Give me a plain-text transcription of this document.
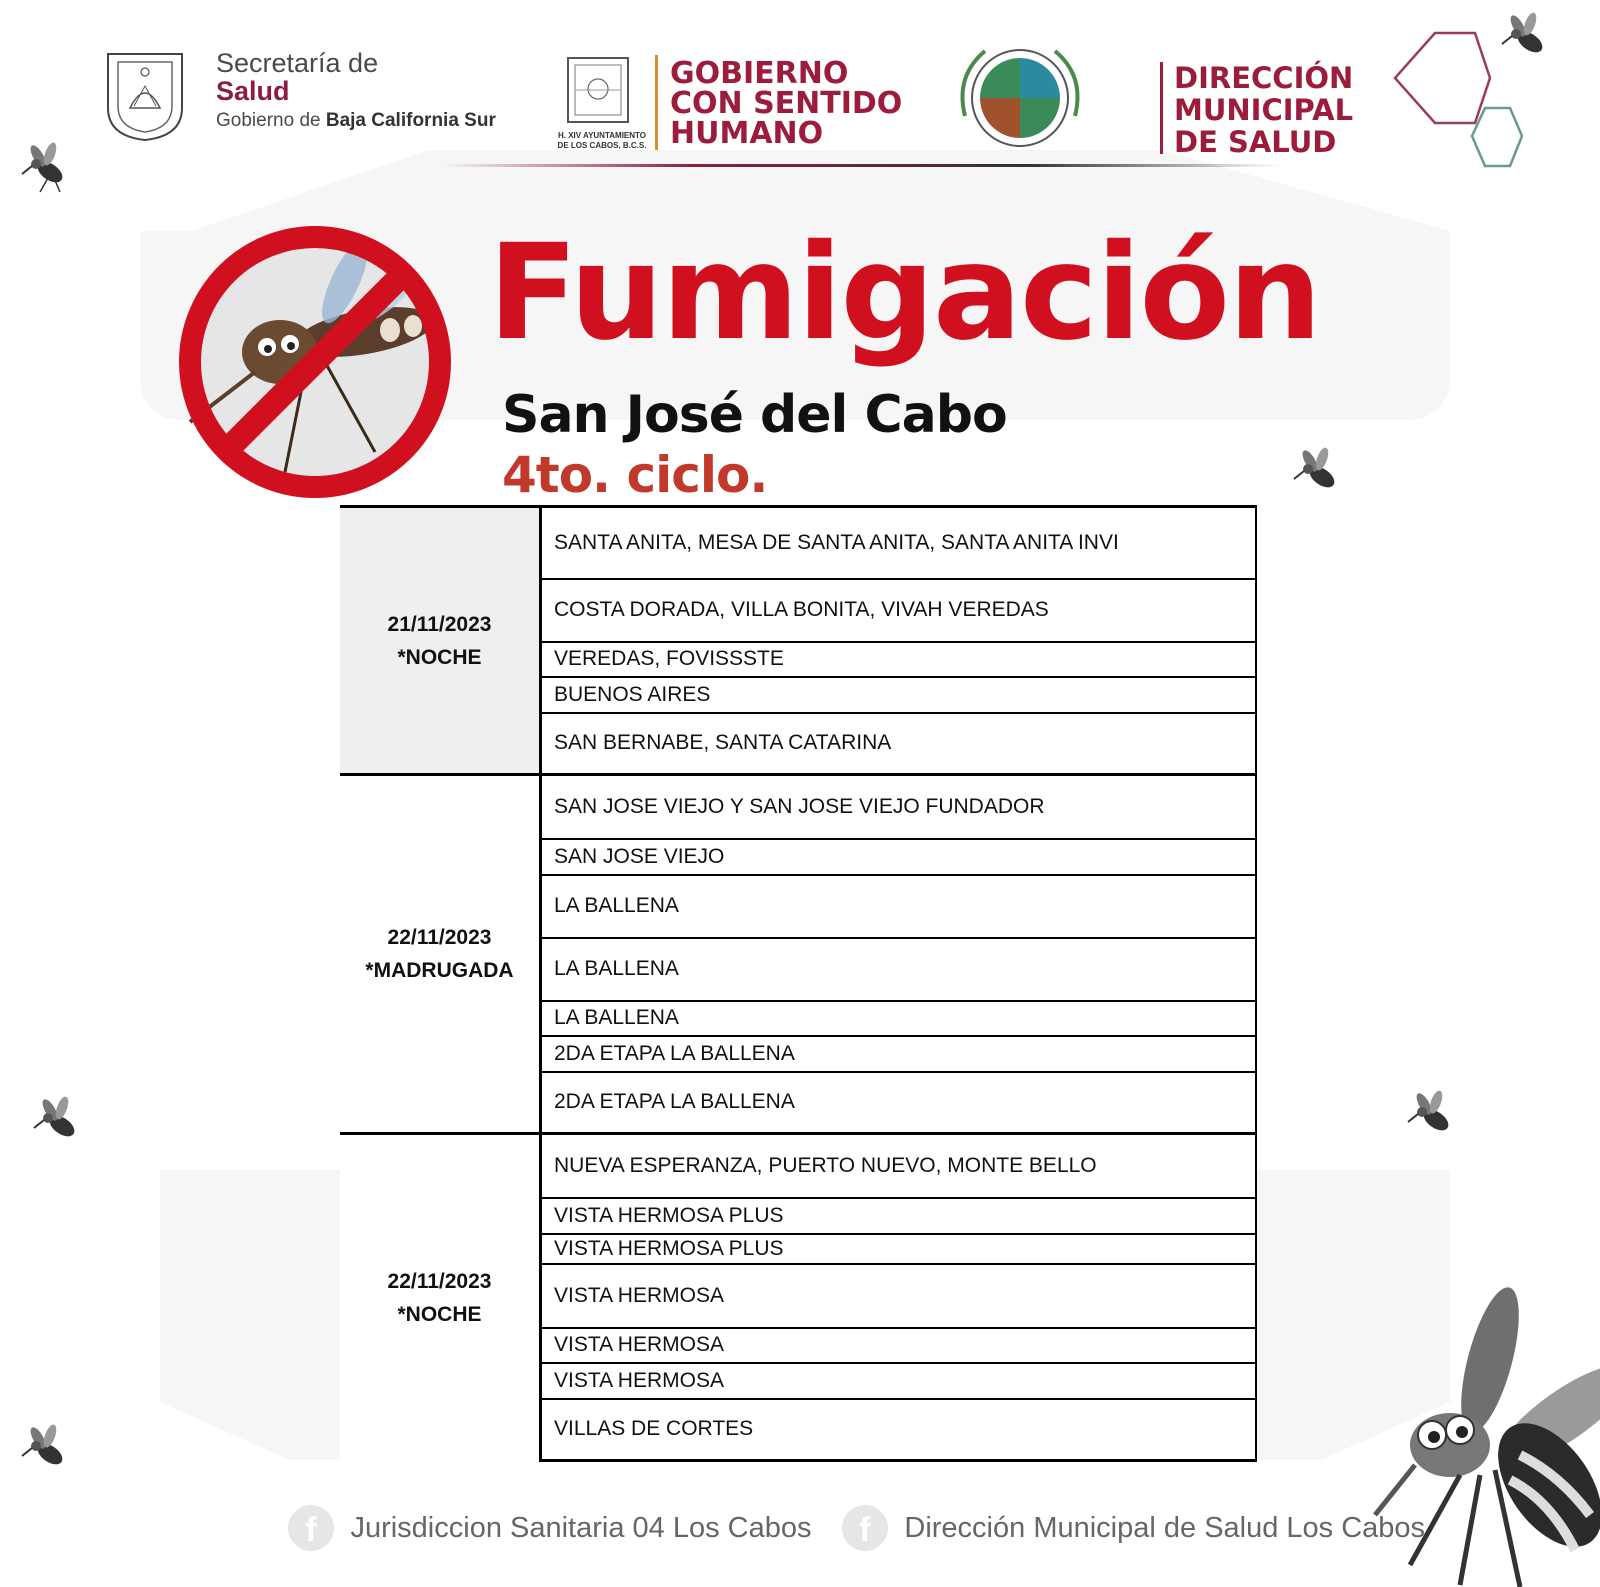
Secretaría de
Salud
Gobierno de Baja California Sur
H. XIV AYUNTAMIENTO
DE LOS CABOS, B.C.S.
GOBIERNO
CON SENTIDO
HUMANO
DIRECCIÓN
MUNICIPAL
DE SALUD
Fumigación
San José del Cabo
4to. ciclo.
21/11/2023
*NOCHE	SANTA ANITA, MESA DE SANTA ANITA, SANTA ANITA INVI
	COSTA DORADA, VILLA BONITA, VIVAH VEREDAS
	VEREDAS, FOVISSSTE
	BUENOS AIRES
	SAN BERNABE, SANTA CATARINA

22/11/2023
*MADRUGADA	SAN JOSE VIEJO Y SAN JOSE VIEJO FUNDADOR
	SAN JOSE VIEJO
	LA BALLENA
	LA BALLENA
	LA BALLENA
	2DA ETAPA LA BALLENA
	2DA ETAPA LA BALLENA

22/11/2023
*NOCHE	NUEVA ESPERANZA, PUERTO NUEVO, MONTE BELLO
	VISTA HERMOSA PLUS
	VISTA HERMOSA PLUS
	VISTA HERMOSA
	VISTA HERMOSA
	VISTA HERMOSA
	VILLAS DE CORTES
f Jurisdiccion Sanitaria 04 Los Cabos f Dirección Municipal de Salud Los Cabos
